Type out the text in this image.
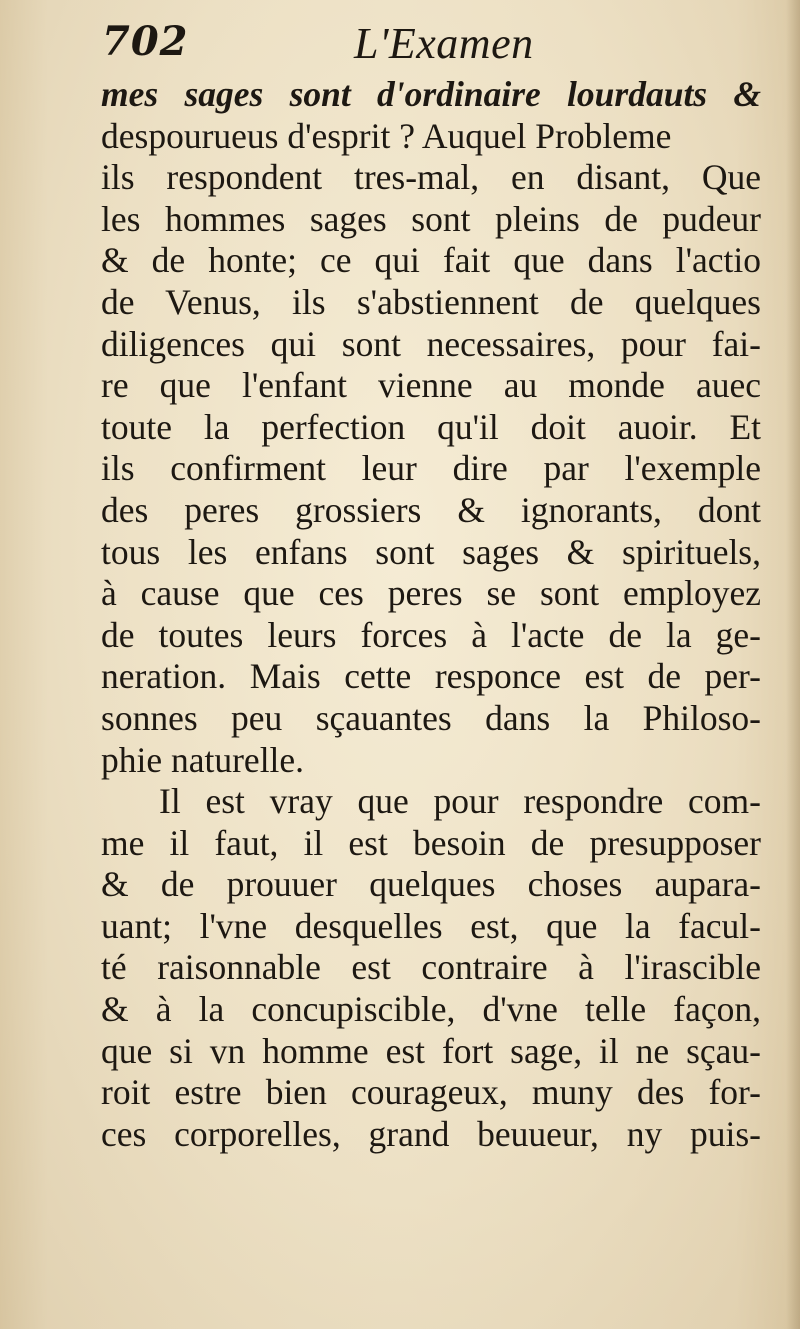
702	L'Examen
mes sages sont d'ordinaire lourdauts &
despourueus d'esprit ? Auquel Probleme
ils respondent tres-mal, en disant, Que
les hommes sages sont pleins de pudeur
& de honte; ce qui fait que dans l'actio
de Venus, ils s'abstiennent de quelques
diligences qui sont necessaires, pour fai-
re que l'enfant vienne au monde auec
toute la perfection qu'il doit auoir. Et
ils confirment leur dire par l'exemple
des peres grossiers & ignorants, dont
tous les enfans sont sages & spirituels,
à cause que ces peres se sont employez
de toutes leurs forces à l'acte de la ge-
neration. Mais cette responce est de per-
sonnes peu sçauantes dans la Philoso-
phie naturelle.
Il est vray que pour respondre com-
me il faut, il est besoin de presupposer
& de prouuer quelques choses aupara-
uant; l'vne desquelles est, que la facul-
té raisonnable est contraire à l'irascible
& à la concupiscible, d'vne telle façon,
que si vn homme est fort sage, il ne sçau-
roit estre bien courageux, muny des for-
ces corporelles, grand beuueur, ny puis-
